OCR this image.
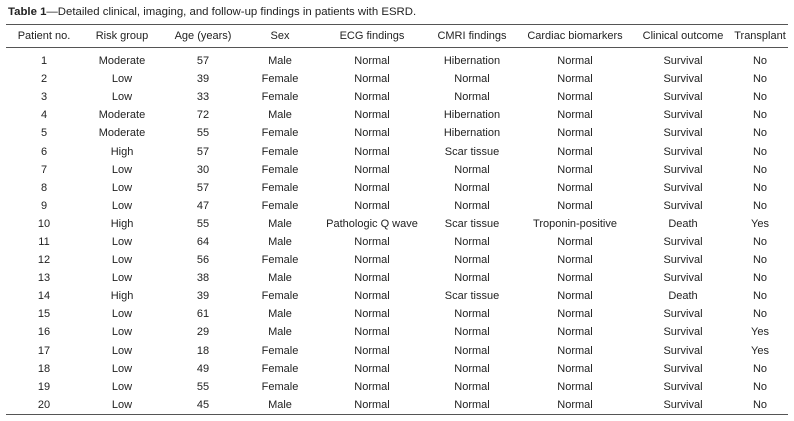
Table 1—Detailed clinical, imaging, and follow-up findings in patients with ESRD.
Patient no.	Risk group	Age (years)	Sex	ECG findings	CMRI findings	Cardiac biomarkers	Clinical outcome	Transplant
1	Moderate	57	Male	Normal	Hibernation	Normal	Survival	No
2	Low	39	Female	Normal	Normal	Normal	Survival	No
3	Low	33	Female	Normal	Normal	Normal	Survival	No
4	Moderate	72	Male	Normal	Hibernation	Normal	Survival	No
5	Moderate	55	Female	Normal	Hibernation	Normal	Survival	No
6	High	57	Female	Normal	Scar tissue	Normal	Survival	No
7	Low	30	Female	Normal	Normal	Normal	Survival	No
8	Low	57	Female	Normal	Normal	Normal	Survival	No
9	Low	47	Female	Normal	Normal	Normal	Survival	No
10	High	55	Male	Pathologic Q wave	Scar tissue	Troponin-positive	Death	Yes
11	Low	64	Male	Normal	Normal	Normal	Survival	No
12	Low	56	Female	Normal	Normal	Normal	Survival	No
13	Low	38	Male	Normal	Normal	Normal	Survival	No
14	High	39	Female	Normal	Scar tissue	Normal	Death	No
15	Low	61	Male	Normal	Normal	Normal	Survival	No
16	Low	29	Male	Normal	Normal	Normal	Survival	Yes
17	Low	18	Female	Normal	Normal	Normal	Survival	Yes
18	Low	49	Female	Normal	Normal	Normal	Survival	No
19	Low	55	Female	Normal	Normal	Normal	Survival	No
20	Low	45	Male	Normal	Normal	Normal	Survival	No
